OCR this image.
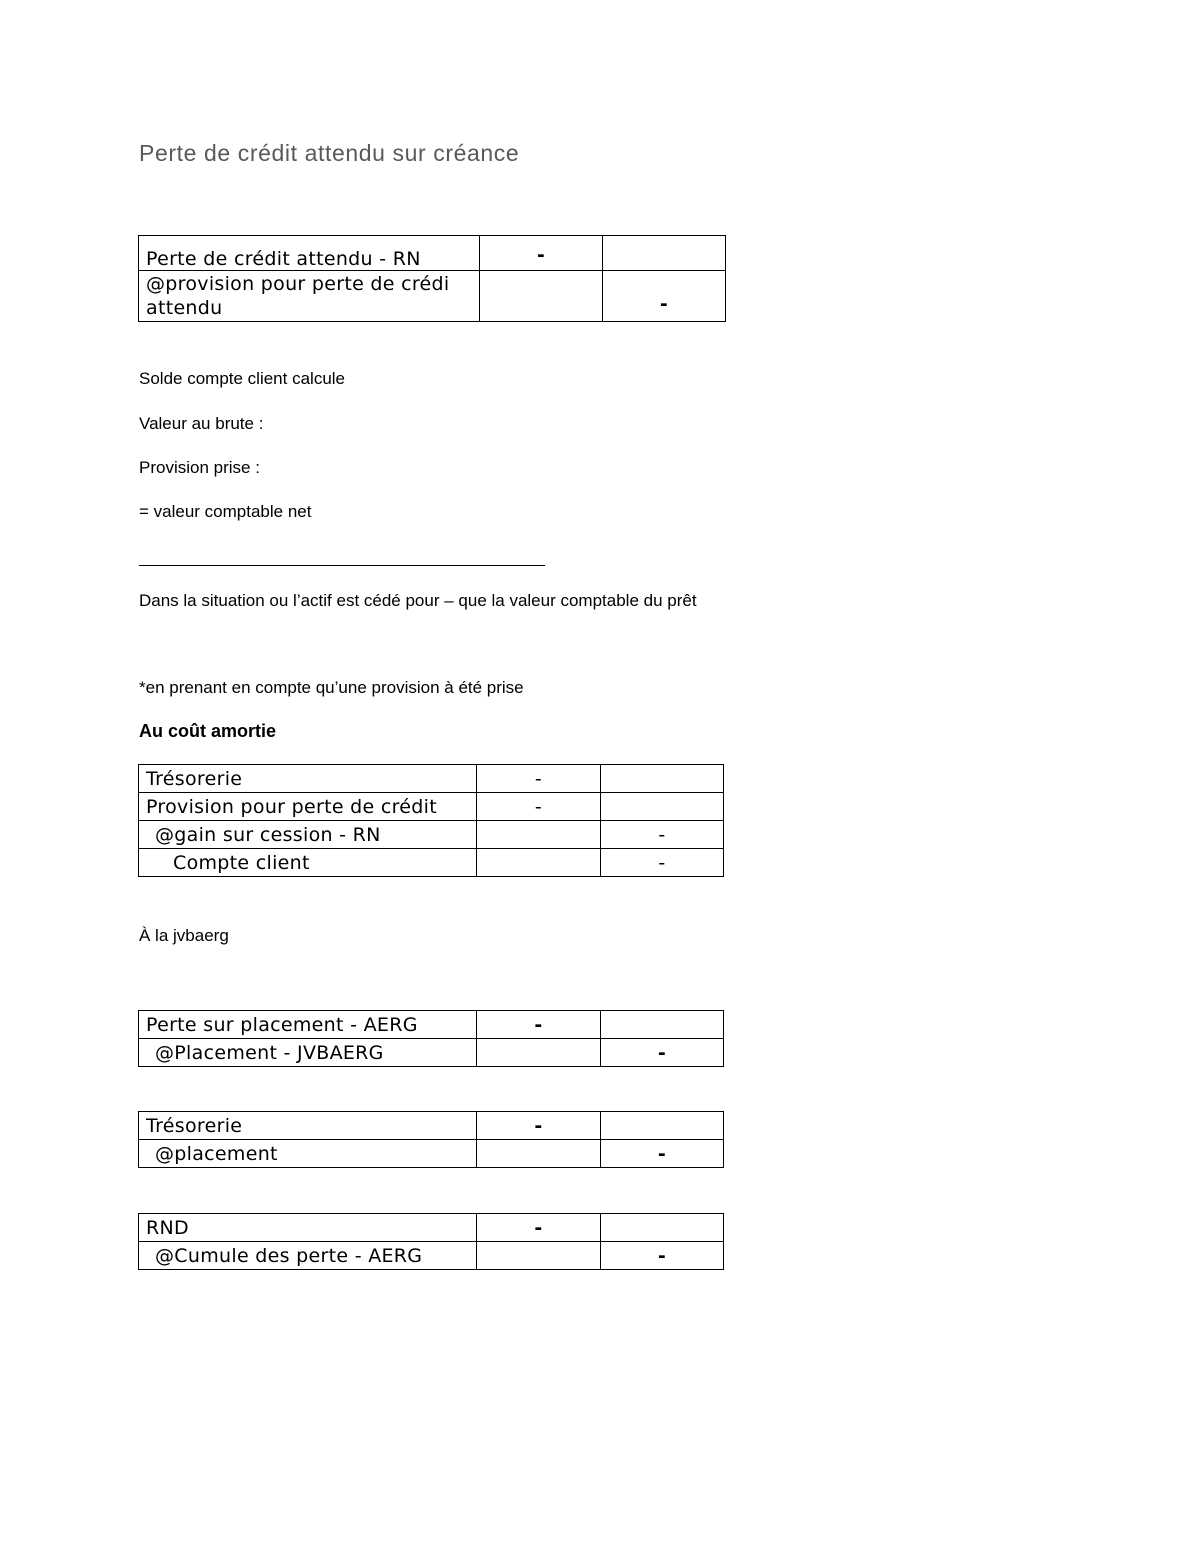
Perte de crédit attendu sur créance
Perte de crédit attendu - RN	-	
@provision pour perte de crédi attendu		-
Solde compte client calcule
Valeur au brute :
Provision prise :
= valeur comptable net
Dans la situation ou l’actif est cédé pour – que la valeur comptable du prêt
*en prenant en compte qu’une provision à été prise
Au coût amortie
Trésorerie	-	
Provision pour perte de crédit	-	
@gain sur cession - RN		-
Compte client		-
À la jvbaerg
Perte sur placement - AERG	-	
@Placement - JVBAERG		-
Trésorerie	-	
@placement		-
RND	-	
@Cumule des perte - AERG		-
